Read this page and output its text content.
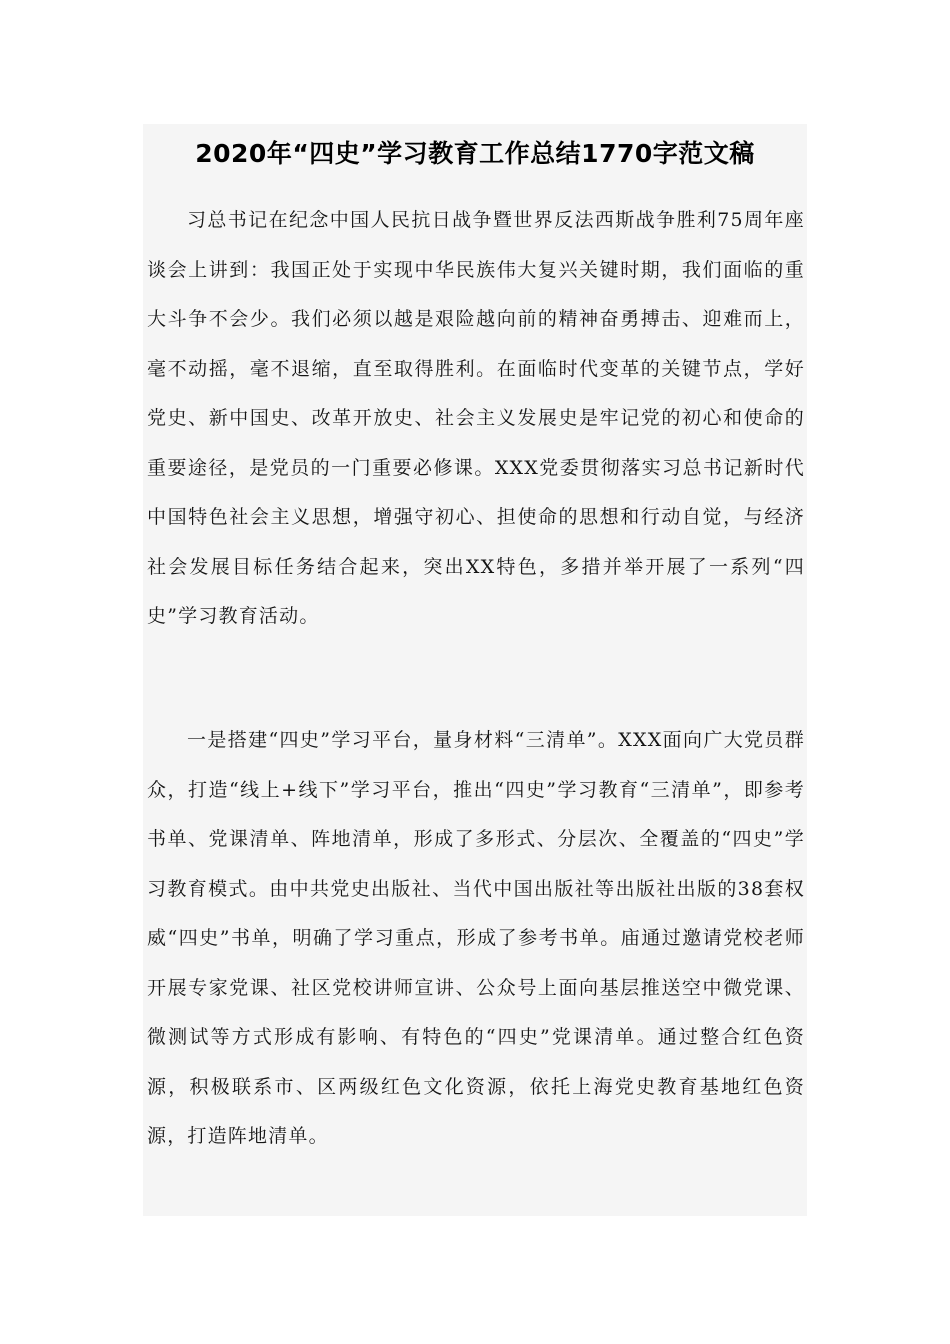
2020年“四史”学习教育工作总结1770字范文稿

习总书记在纪念中国人民抗日战争暨世界反法西斯战争胜利75周年座谈会上讲到：我国正处于实现中华民族伟大复兴关键时期，我们面临的重大斗争不会少。我们必须以越是艰险越向前的精神奋勇搏击、迎难而上，毫不动摇，毫不退缩，直至取得胜利。在面临时代变革的关键节点，学好党史、新中国史、改革开放史、社会主义发展史是牢记党的初心和使命的重要途径，是党员的一门重要必修课。XXX党委贯彻落实习总书记新时代中国特色社会主义思想，增强守初心、担使命的思想和行动自觉，与经济社会发展目标任务结合起来，突出XX特色，多措并举开展了一系列“四史”学习教育活动。

一是搭建“四史”学习平台，量身材料“三清单”。XXX面向广大党员群众，打造“线上+线下”学习平台，推出“四史”学习教育“三清单”，即参考书单、党课清单、阵地清单，形成了多形式、分层次、全覆盖的“四史”学习教育模式。由中共党史出版社、当代中国出版社等出版社出版的38套权威“四史”书单，明确了学习重点，形成了参考书单。庙通过邀请党校老师开展专家党课、社区党校讲师宣讲、公众号上面向基层推送空中微党课、微测试等方式形成有影响、有特色的“四史”党课清单。通过整合红色资源，积极联系市、区两级红色文化资源，依托上海党史教育基地红色资源，打造阵地清单。
